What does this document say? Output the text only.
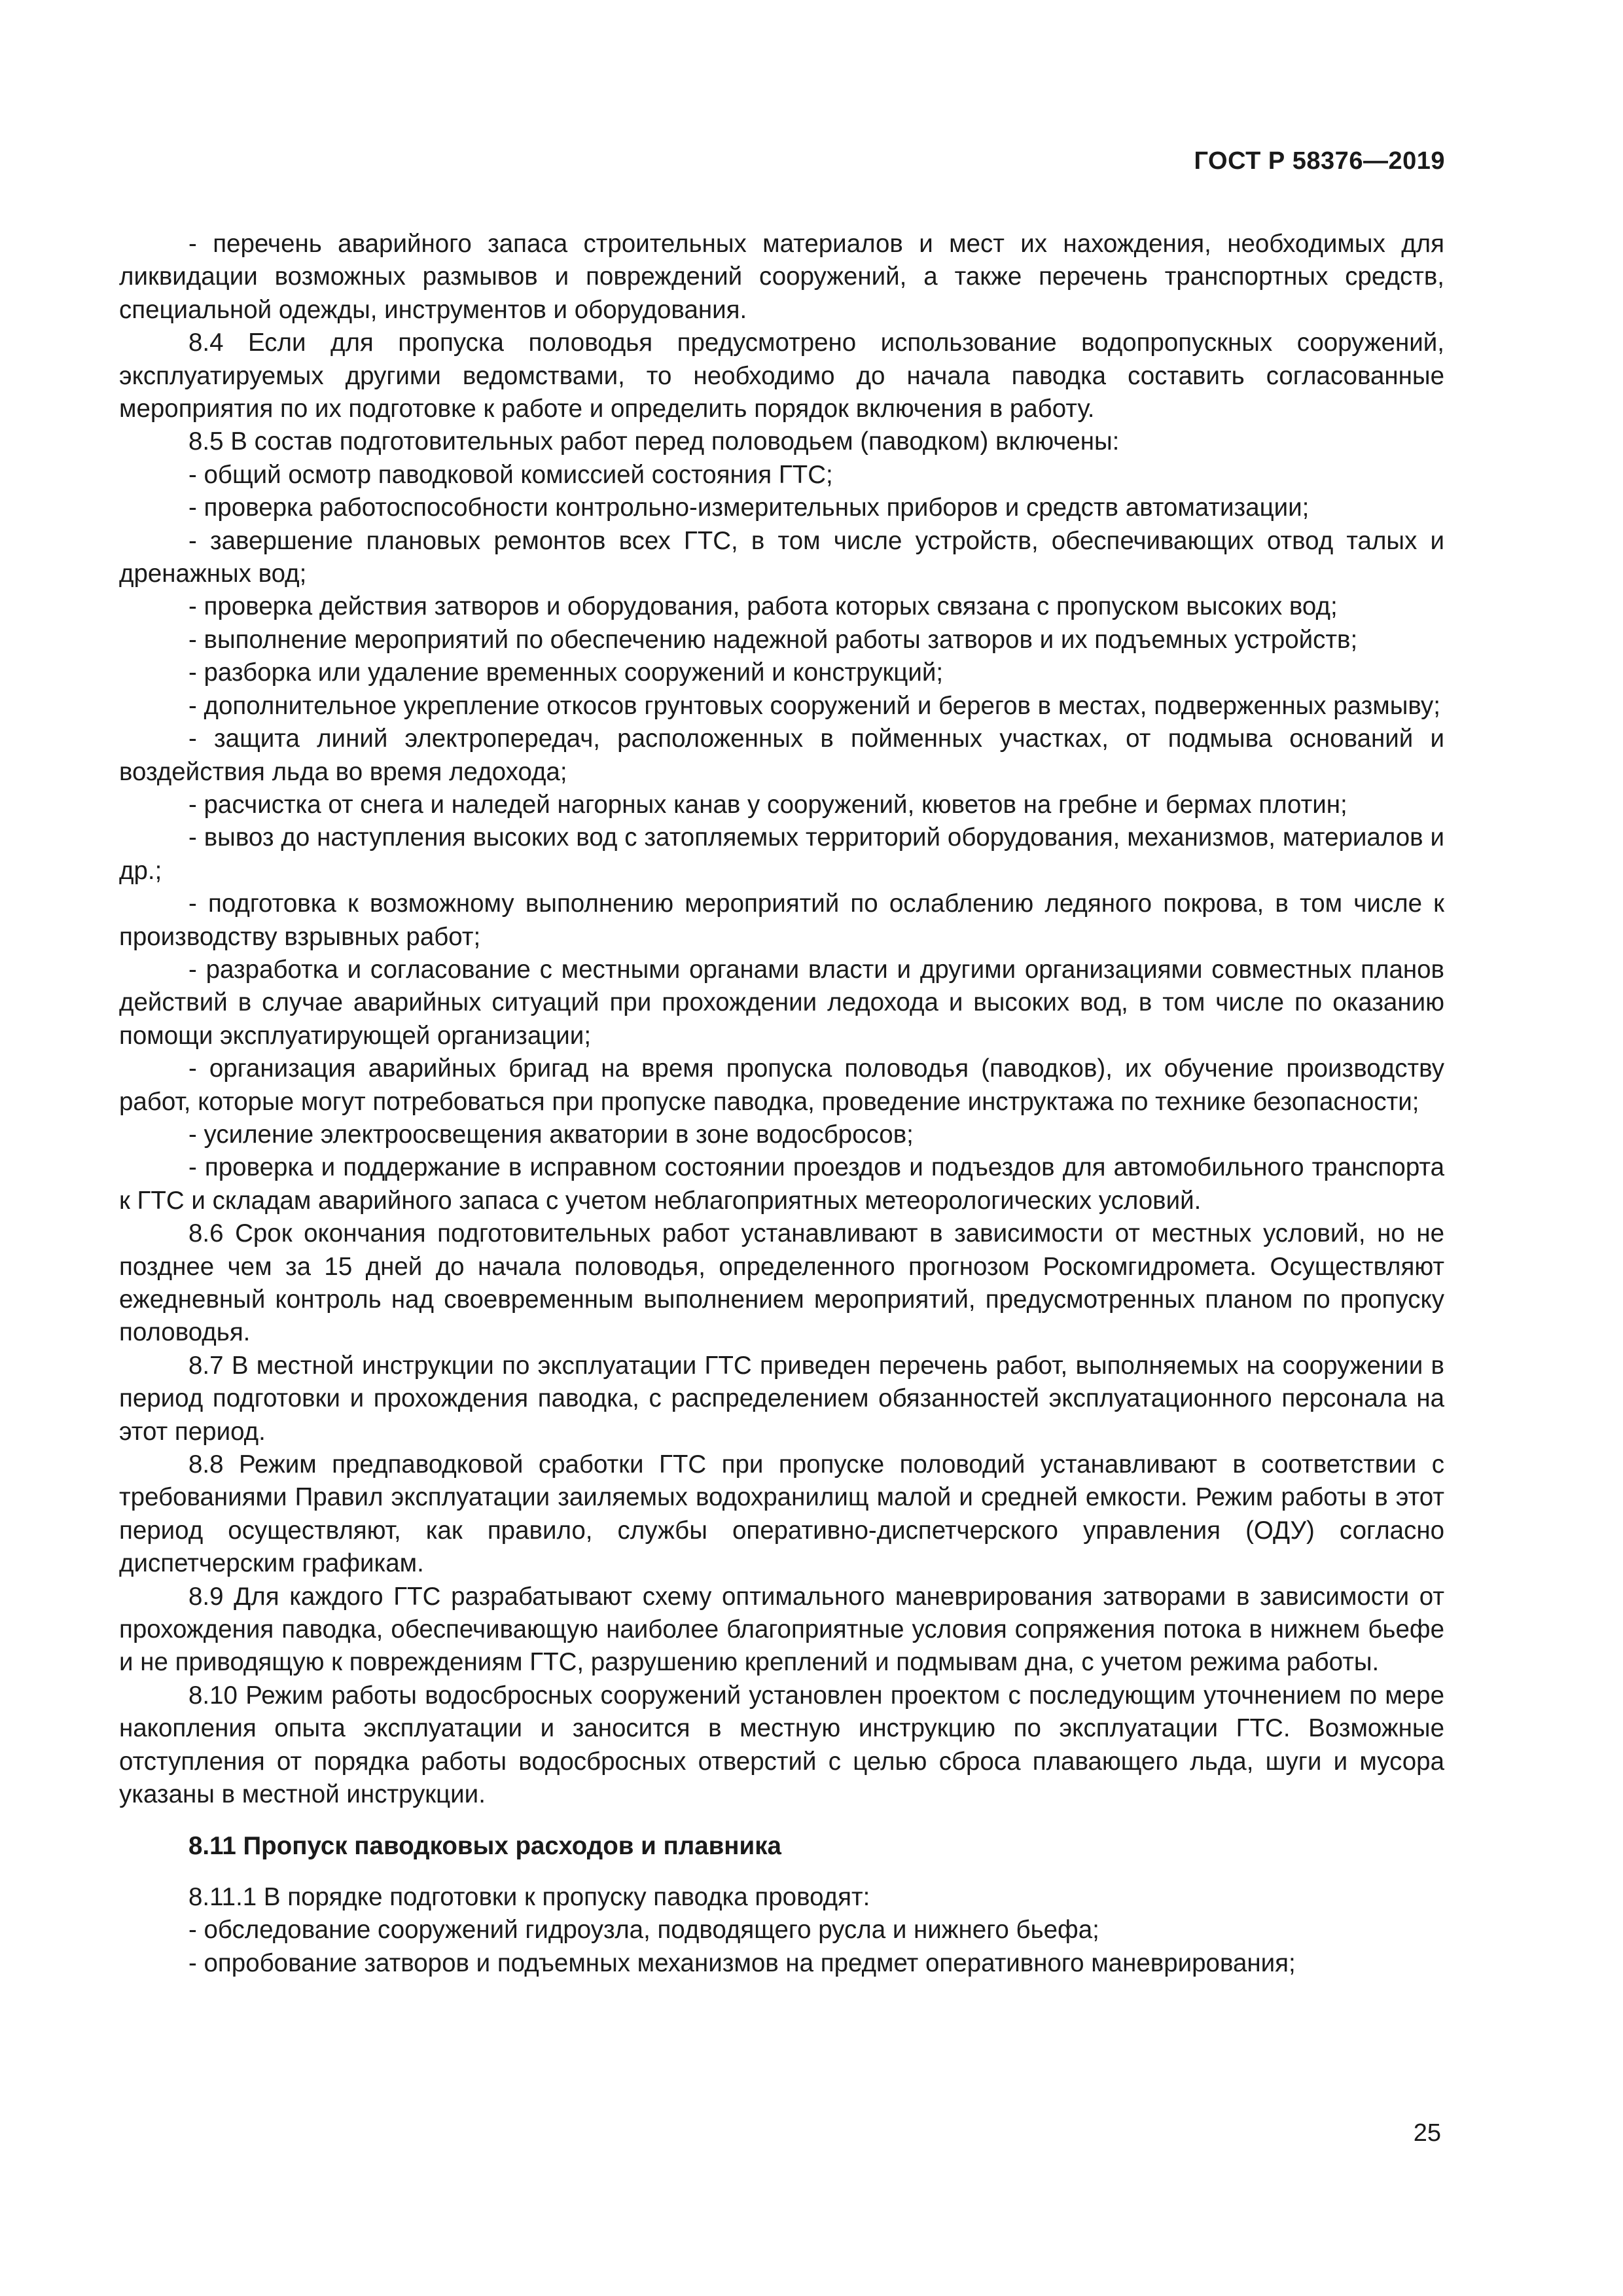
ГОСТ Р 58376—2019

- перечень аварийного запаса строительных материалов и мест их нахождения, необходимых для ликвидации возможных размывов и повреждений сооружений, а также перечень транспортных средств, специальной одежды, инструментов и оборудования.

8.4 Если для пропуска половодья предусмотрено использование водопропускных сооружений, эксплуатируемых другими ведомствами, то необходимо до начала паводка составить согласованные мероприятия по их подготовке к работе и определить порядок включения в работу.

8.5 В состав подготовительных работ перед половодьем (паводком) включены:

- общий осмотр паводковой комиссией состояния ГТС;

- проверка работоспособности контрольно-измерительных приборов и средств автоматизации;

- завершение плановых ремонтов всех ГТС, в том числе устройств, обеспечивающих отвод талых и дренажных вод;

- проверка действия затворов и оборудования, работа которых связана с пропуском высоких вод;

- выполнение мероприятий по обеспечению надежной работы затворов и их подъемных устройств;

- разборка или удаление временных сооружений и конструкций;

- дополнительное укрепление откосов грунтовых сооружений и берегов в местах, подверженных размыву;

- защита линий электропередач, расположенных в пойменных участках, от подмыва оснований и воздействия льда во время ледохода;

- расчистка от снега и наледей нагорных канав у сооружений, кюветов на гребне и бермах плотин;

- вывоз до наступления высоких вод с затопляемых территорий оборудования, механизмов, материалов и др.;

- подготовка к возможному выполнению мероприятий по ослаблению ледяного покрова, в том числе к производству взрывных работ;

- разработка и согласование с местными органами власти и другими организациями совместных планов действий в случае аварийных ситуаций при прохождении ледохода и высоких вод, в том числе по оказанию помощи эксплуатирующей организации;

- организация аварийных бригад на время пропуска половодья (паводков), их обучение производству работ, которые могут потребоваться при пропуске паводка, проведение инструктажа по технике безопасности;

- усиление электроосвещения акватории в зоне водосбросов;

- проверка и поддержание в исправном состоянии проездов и подъездов для автомобильного транспорта к ГТС и складам аварийного запаса с учетом неблагоприятных метеорологических условий.

8.6 Срок окончания подготовительных работ устанавливают в зависимости от местных условий, но не позднее чем за 15 дней до начала половодья, определенного прогнозом Роскомгидромета. Осуществляют ежедневный контроль над своевременным выполнением мероприятий, предусмотренных планом по пропуску половодья.

8.7 В местной инструкции по эксплуатации ГТС приведен перечень работ, выполняемых на сооружении в период подготовки и прохождения паводка, с распределением обязанностей эксплуатационного персонала на этот период.

8.8 Режим предпаводковой сработки ГТС при пропуске половодий устанавливают в соответствии с требованиями Правил эксплуатации заиляемых водохранилищ малой и средней емкости. Режим работы в этот период осуществляют, как правило, службы оперативно-диспетчерского управления (ОДУ) согласно диспетчерским графикам.

8.9 Для каждого ГТС разрабатывают схему оптимального маневрирования затворами в зависимости от прохождения паводка, обеспечивающую наиболее благоприятные условия сопряжения потока в нижнем бьефе и не приводящую к повреждениям ГТС, разрушению креплений и подмывам дна, с учетом режима работы.

8.10 Режим работы водосбросных сооружений установлен проектом с последующим уточнением по мере накопления опыта эксплуатации и заносится в местную инструкцию по эксплуатации ГТС. Возможные отступления от порядка работы водосбросных отверстий с целью сброса плавающего льда, шуги и мусора указаны в местной инструкции.

8.11 Пропуск паводковых расходов и плавника

8.11.1 В порядке подготовки к пропуску паводка проводят:

- обследование сооружений гидроузла, подводящего русла и нижнего бьефа;

- опробование затворов и подъемных механизмов на предмет оперативного маневрирования;

25
